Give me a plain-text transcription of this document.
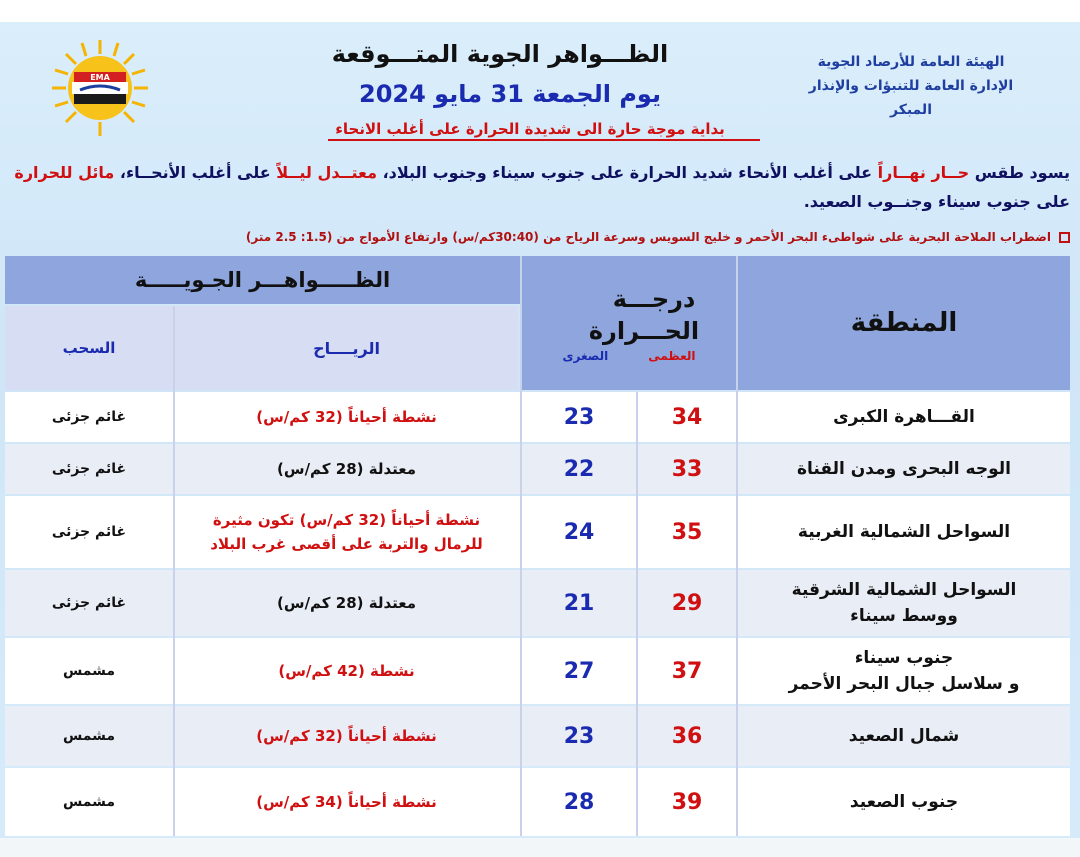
EMA
الهيئة العامة للأرصاد الجوية
الإدارة العامة للتنبؤات والإنذار المبكر
الظـــواهر الجوية المتـــوقعة
2024 مايو 31 يوم الجمعة
بداية موجة حارة الى شديدة الحرارة على أغلب الانحاء
يسود طقس حــار نهــاراً على أغلب الأنحاء شديد الحرارة على جنوب سيناء وجنوب البلاد، معتــدل ليــلاً على أغلب الأنحــاء، مائل للحرارة على جنوب سيناء وجنــوب الصعيد.
اضطراب الملاحة البحرية على شواطىء البحر الأحمر و خليج السويس وسرعة الرياح من (30:40كم/س) وارتفاع الأمواج من (1.5: 2.5 متر)
المنطقة
درجـــة
الحـــرارة
العظمى
الصغرى
الظـــــواهـــر الجـويـــــة
الريــــاح
السحب
القـــاهرة الكبرى
34
23
نشطة أحياناً (32 كم/س)
غائم جزئى
الوجه البحرى ومدن القناة
33
22
معتدلة (28 كم/س)
غائم جزئى
السواحل الشمالية الغربية
35
24
نشطة أحياناً (32 كم/س) تكون مثيرة
للرمال والتربة على أقصى غرب البلاد
غائم جزئى
السواحل الشمالية الشرقية
ووسط سيناء
29
21
معتدلة (28 كم/س)
غائم جزئى
جنوب سيناء
و سلاسل جبال البحر الأحمر
37
27
نشطة (42 كم/س)
مشمس
شمال الصعيد
36
23
نشطة أحياناً (32 كم/س)
مشمس
جنوب الصعيد
39
28
نشطة أحياناً (34 كم/س)
مشمس
